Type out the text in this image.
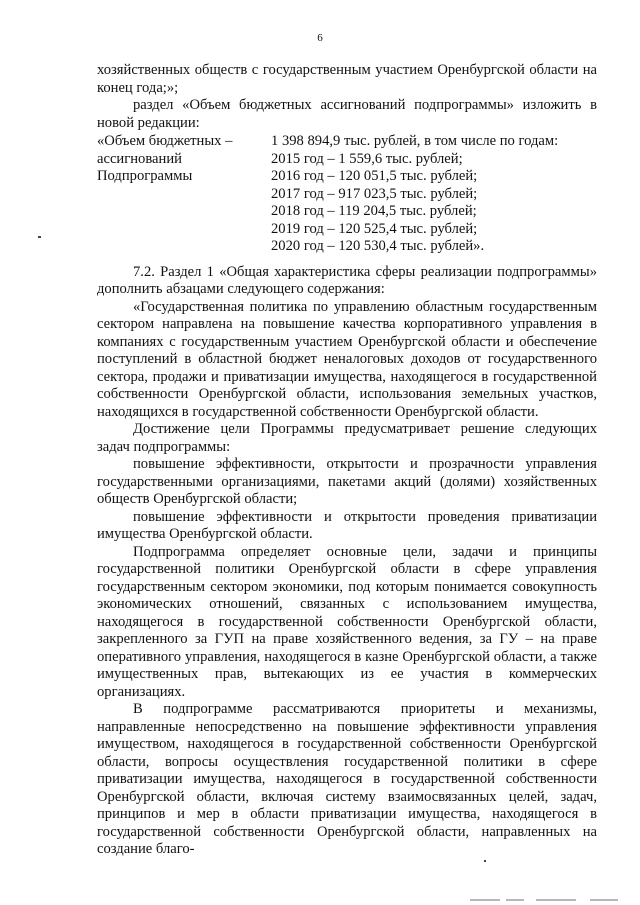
6

хозяйственных обществ с государственным участием Оренбургской области на конец года;»;

раздел «Объем бюджетных ассигнований подпрограммы» изложить в новой редакции:

«Объем бюджетных –
ассигнований
Подпрограммы
1 398 894,9 тыс. рублей, в том числе по годам:
2015 год – 1 559,6 тыс. рублей;
2016 год – 120 051,5 тыс. рублей;
2017 год – 917 023,5 тыс. рублей;
2018 год – 119 204,5 тыс. рублей;
2019 год – 120 525,4 тыс. рублей;
2020 год – 120 530,4 тыс. рублей».

7.2. Раздел 1 «Общая характеристика сферы реализации подпрограммы» дополнить абзацами следующего содержания:

«Государственная политика по управлению областным государственным сектором направлена на повышение качества корпоративного управления в компаниях с государственным участием Оренбургской области и обеспечение поступлений в областной бюджет неналоговых доходов от государственного сектора, продажи и приватизации имущества, находящегося в государственной собственности Оренбургской области, использования земельных участков, находящихся в государственной собственности Оренбургской области.

Достижение цели Программы предусматривает решение следующих задач подпрограммы:

повышение эффективности, открытости и прозрачности управления государственными организациями, пакетами акций (долями) хозяйственных обществ Оренбургской области;

повышение эффективности и открытости проведения приватизации имущества Оренбургской области.

Подпрограмма определяет основные цели, задачи и принципы государственной политики Оренбургской области в сфере управления государственным сектором экономики, под которым понимается совокупность экономических отношений, связанных с использованием имущества, находящегося в государственной собственности Оренбургской области, закрепленного за ГУП на праве хозяйственного ведения, за ГУ – на праве оперативного управления, находящегося в казне Оренбургской области, а также имущественных прав, вытекающих из ее участия в коммерческих организациях.

В подпрограмме рассматриваются приоритеты и механизмы, направленные непосредственно на повышение эффективности управления имуществом, находящегося в государственной собственности Оренбургской области, вопросы осуществления государственной политики в сфере приватизации имущества, находящегося в государственной собственности Оренбургской области, включая систему взаимосвязанных целей, задач, принципов и мер в области приватизации имущества, находящегося в государственной собственности Оренбургской области, направленных на создание благо-
